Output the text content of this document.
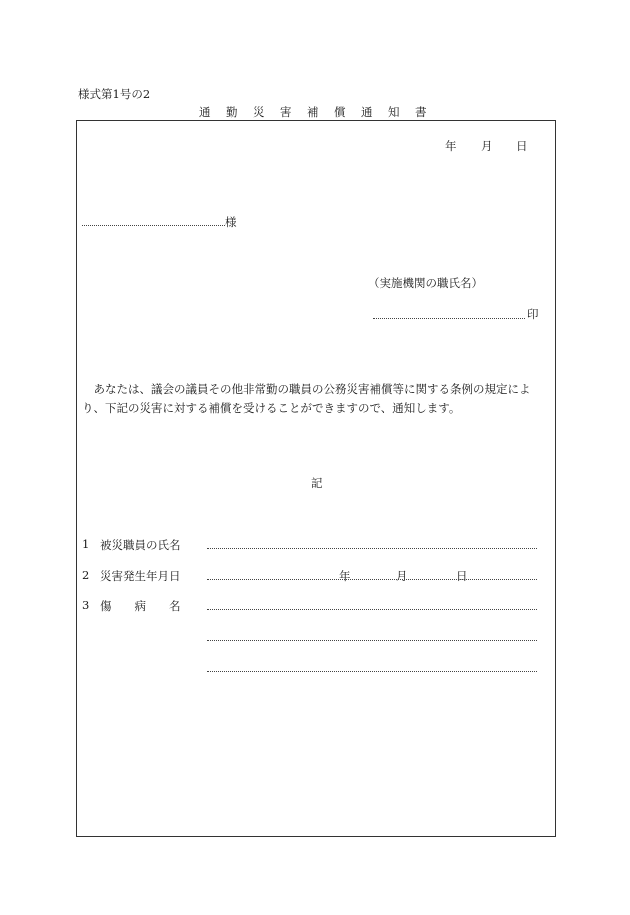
様式第1号の2
通勤災害補償通知書
年 月 日
様
（実施機関の職氏名）
印
　あなたは、議会の議員その他非常勤の職員の公務災害補償等に関する条例の規定により、下記の災害に対する補償を受けることができますので、通知します。
記
1 被災職員の氏名
2 災害発生年月日	年	月	日
3 傷　　病　　名
